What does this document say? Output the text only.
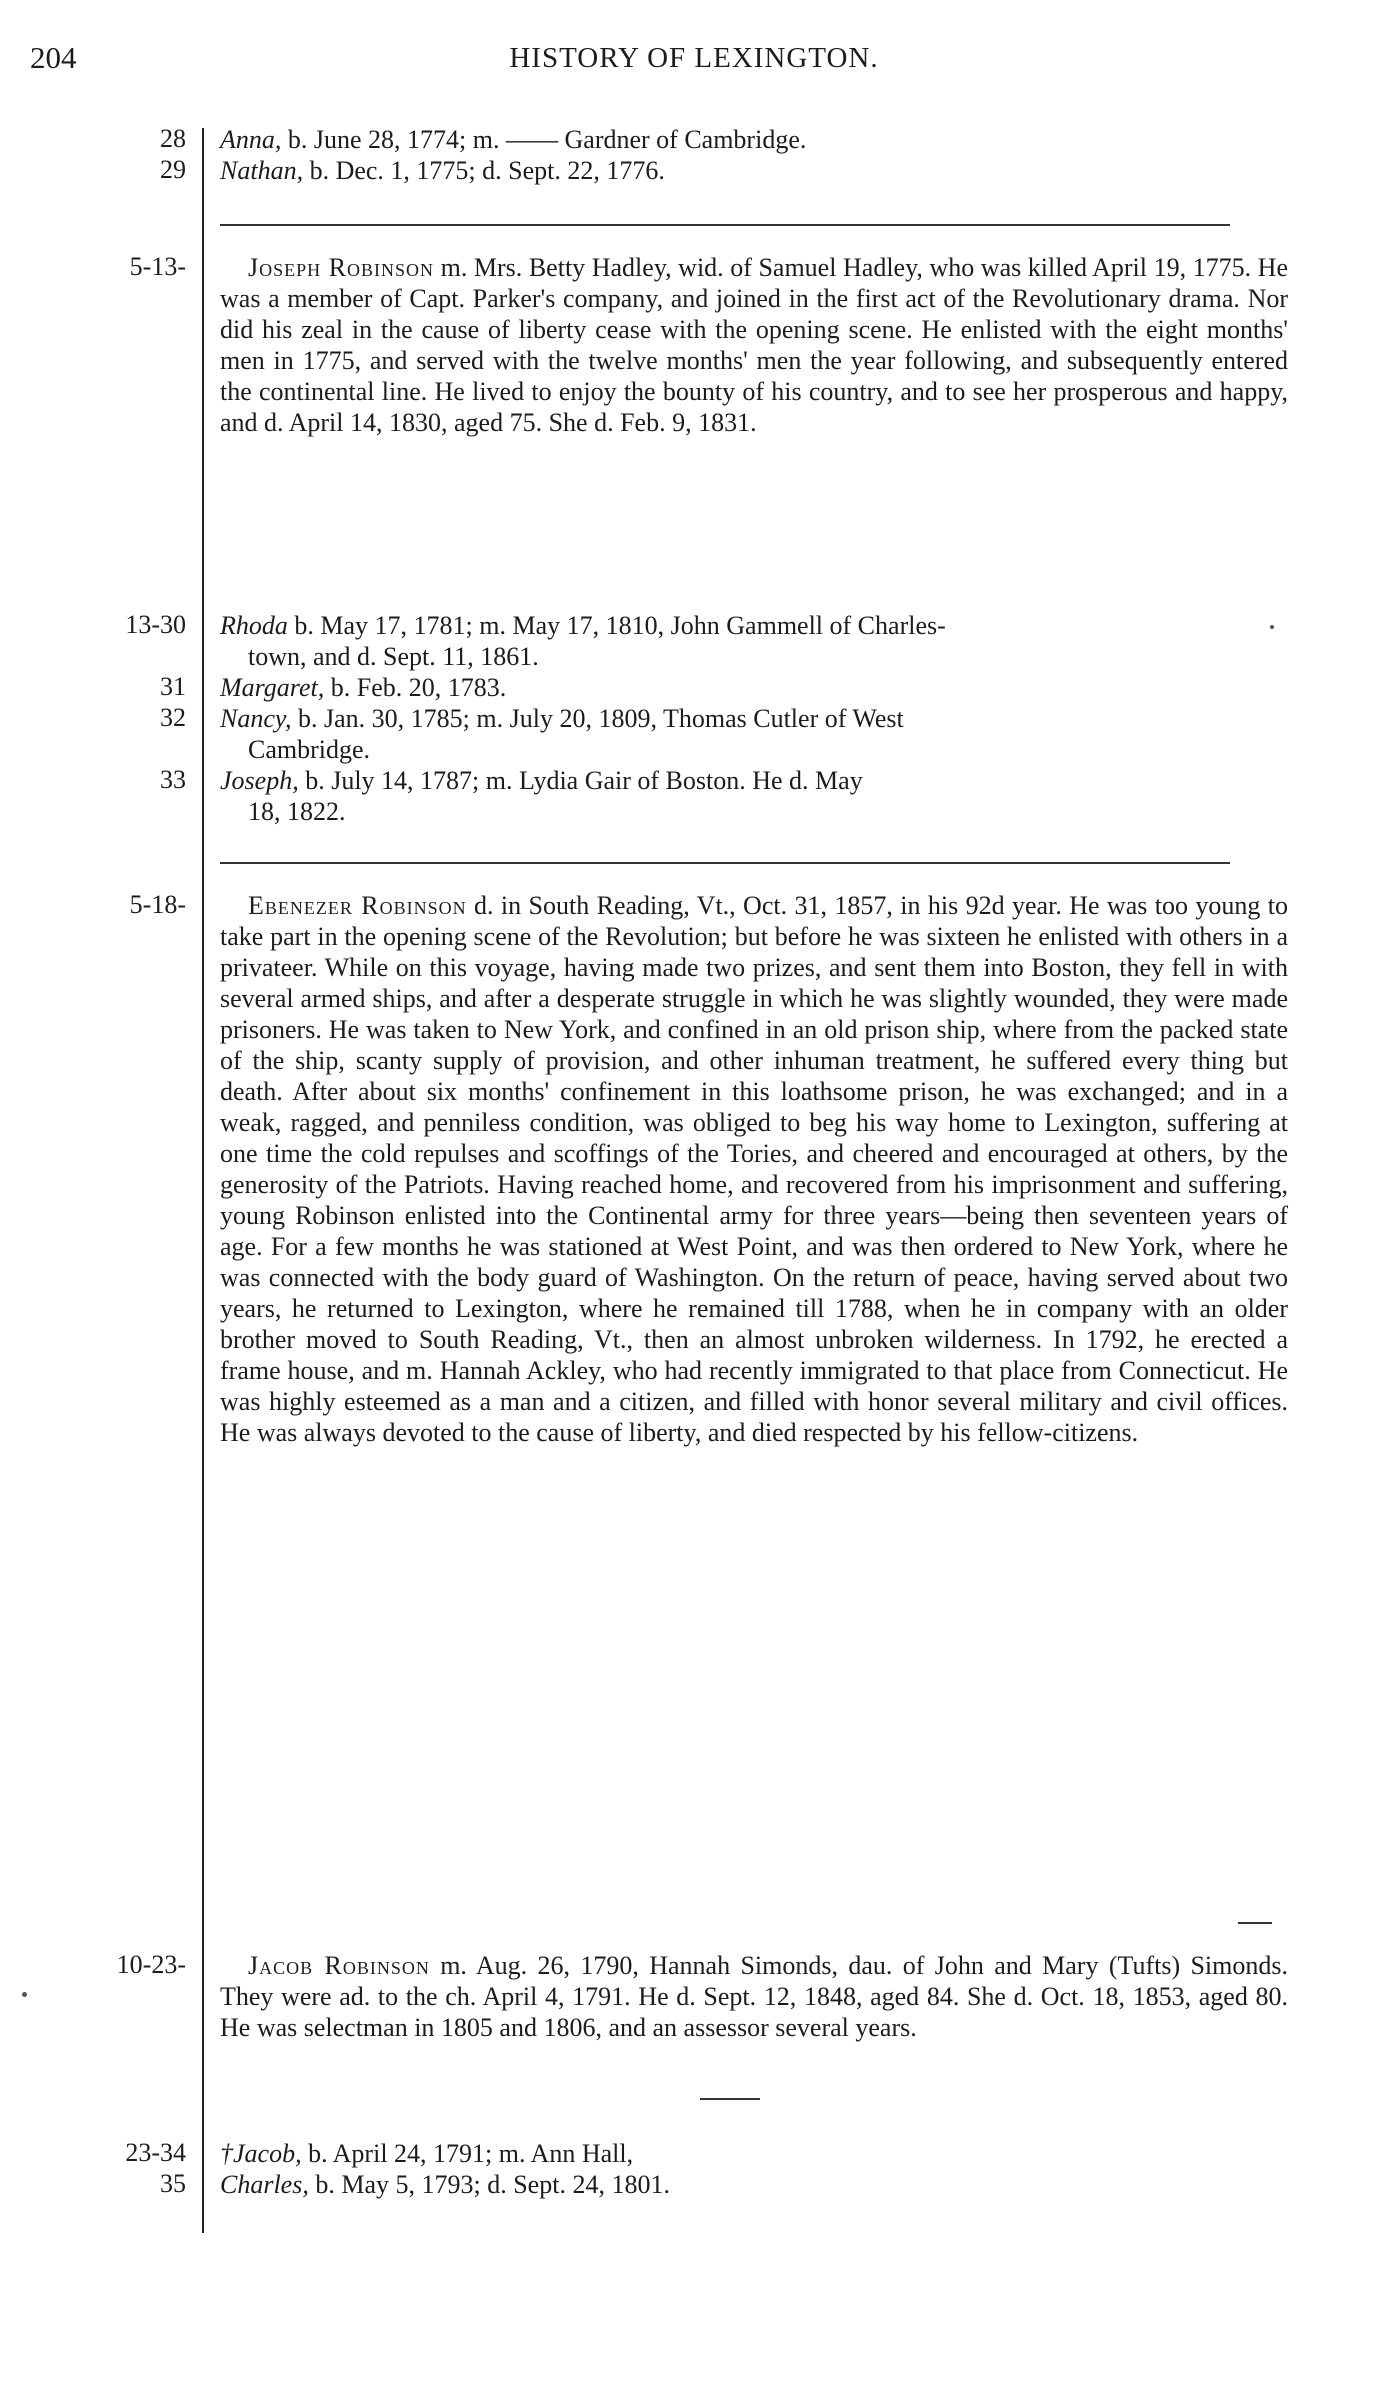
204	HISTORY OF LEXINGTON.
28 Anna, b. June 28, 1774; m. —— Gardner of Cambridge.
29 Nathan, b. Dec. 1, 1775; d. Sept. 22, 1776.
5-13-	Joseph Robinson m. Mrs. Betty Hadley, wid. of Samuel Hadley, who was killed April 19, 1775. He was a member of Capt. Parker's company, and joined in the first act of the Revolutionary drama. Nor did his zeal in the cause of liberty cease with the opening scene. He enlisted with the eight months' men in 1775, and served with the twelve months' men the year following, and subsequently entered the continental line. He lived to enjoy the bounty of his country, and to see her prosperous and happy, and d. April 14, 1830, aged 75. She d. Feb. 9, 1831.
13-30 Rhoda b. May 17, 1781; m. May 17, 1810, John Gammell of Charles-
town, and d. Sept. 11, 1861.
31 Margaret, b. Feb. 20, 1783.
32 Nancy, b. Jan. 30, 1785; m. July 20, 1809, Thomas Cutler of West
Cambridge.
33 Joseph, b. July 14, 1787; m. Lydia Gair of Boston. He d. May
18, 1822.
5-18-	Ebenezer Robinson d. in South Reading, Vt., Oct. 31, 1857, in his 92d year. He was too young to take part in the opening scene of the Revolution; but before he was sixteen he enlisted with others in a privateer. While on this voyage, having made two prizes, and sent them into Boston, they fell in with several armed ships, and after a desperate struggle in which he was slightly wounded, they were made prisoners. He was taken to New York, and confined in an old prison ship, where from the packed state of the ship, scanty supply of provision, and other inhuman treatment, he suffered every thing but death. After about six months' confinement in this loathsome prison, he was exchanged; and in a weak, ragged, and penniless condition, was obliged to beg his way home to Lexington, suffering at one time the cold repulses and scoffings of the Tories, and cheered and encouraged at others, by the generosity of the Patriots. Having reached home, and recovered from his imprisonment and suffering, young Robinson enlisted into the Continental army for three years—being then seventeen years of age. For a few months he was stationed at West Point, and was then ordered to New York, where he was connected with the body guard of Washington. On the return of peace, having served about two years, he returned to Lexington, where he remained till 1788, when he in company with an older brother moved to South Reading, Vt., then an almost unbroken wilderness. In 1792, he erected a frame house, and m. Hannah Ackley, who had recently immigrated to that place from Connecticut. He was highly esteemed as a man and a citizen, and filled with honor several military and civil offices. He was always devoted to the cause of liberty, and died respected by his fellow-citizens.
10-23-	Jacob Robinson m. Aug. 26, 1790, Hannah Simonds, dau. of John and Mary (Tufts) Simonds. They were ad. to the ch. April 4, 1791. He d. Sept. 12, 1848, aged 84. She d. Oct. 18, 1853, aged 80. He was selectman in 1805 and 1806, and an assessor several years.
23-34 †Jacob, b. April 24, 1791; m. Ann Hall,
35 Charles, b. May 5, 1793; d. Sept. 24, 1801.
